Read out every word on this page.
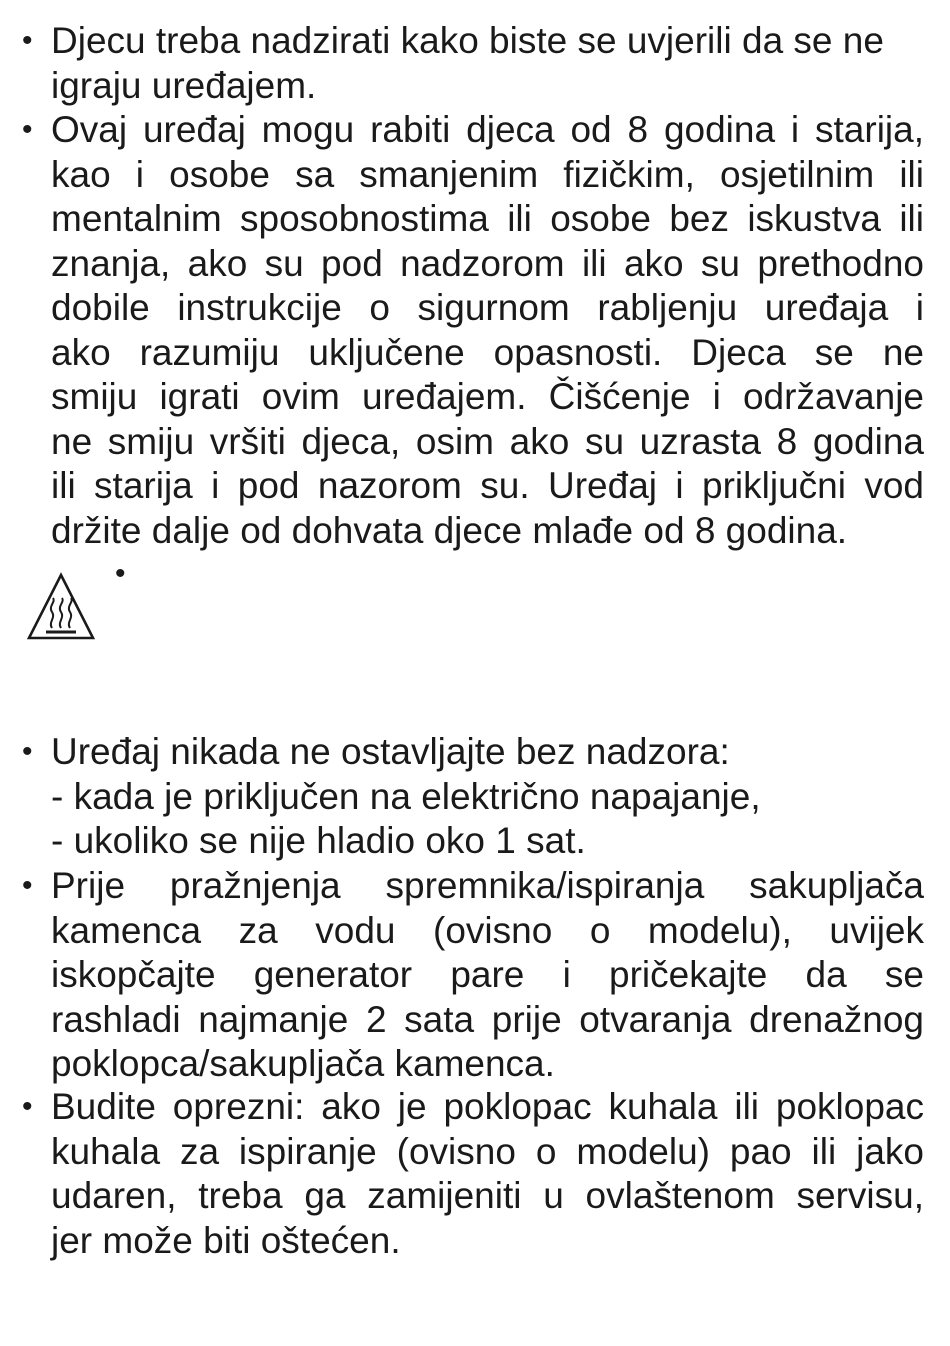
• Djecu treba nadzirati kako biste se uvjerili da se ne
igraju uređajem.
• Ovaj uređaj mogu rabiti djeca od 8 godina i starija,
kao i osobe sa smanjenim fizičkim, osjetilnim ili
mentalnim sposobnostima ili osobe bez iskustva ili
znanja, ako su pod nadzorom ili ako su prethodno
dobile instrukcije o sigurnom rabljenju uređaja i
ako razumiju uključene opasnosti. Djeca se ne
smiju igrati ovim uređajem. Čišćenje i održavanje
ne smiju vršiti djeca, osim ako su uzrasta 8 godina
ili starija i pod nazorom su. Uređaj i priključni vod
držite dalje od dohvata djece mlađe od 8 godina.
•
• Uređaj nikada ne ostavljajte bez nadzora:
- kada je priključen na električno napajanje,
- ukoliko se nije hladio oko 1 sat.
• Prije pražnjenja spremnika/ispiranja sakupljača
kamenca za vodu (ovisno o modelu), uvijek
iskopčajte generator pare i pričekajte da se
rashladi najmanje 2 sata prije otvaranja drenažnog
poklopca/sakupljača kamenca.
• Budite oprezni: ako je poklopac kuhala ili poklopac
kuhala za ispiranje (ovisno o modelu) pao ili jako
udaren, treba ga zamijeniti u ovlaštenom servisu,
jer može biti oštećen.
